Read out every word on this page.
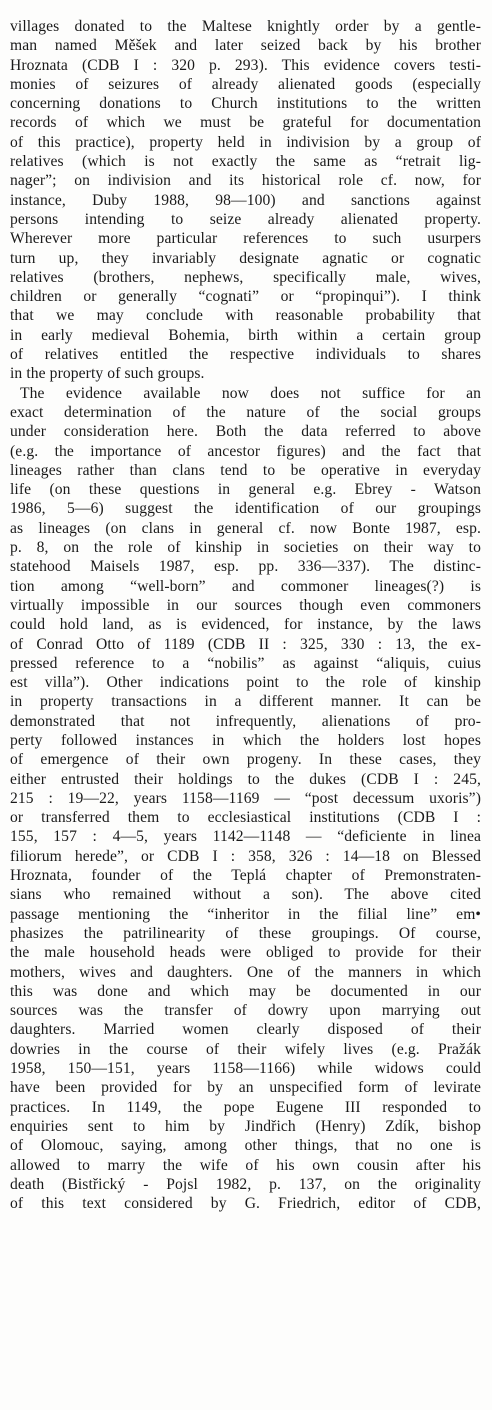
villages donated to the Maltese knightly order by a gentle-
man named Měšek and later seized back by his brother
Hroznata (CDB I : 320 p. 293). This evidence covers testi-
monies of seizures of already alienated goods (especially
concerning donations to Church institutions to the written
records of which we must be grateful for documentation
of this practice), property held in indivision by a group of
relatives (which is not exactly the same as “retrait lig-
nager”; on indivision and its historical role cf. now, for
instance, Duby 1988, 98—100) and sanctions against
persons intending to seize already alienated property.
Wherever more particular references to such usurpers
turn up, they invariably designate agnatic or cognatic
relatives (brothers, nephews, specifically male, wives,
children or generally “cognati” or “propinqui”). I think
that we may conclude with reasonable probability that
in early medieval Bohemia, birth within a certain group
of relatives entitled the respective individuals to shares
in the property of such groups.
The evidence available now does not suffice for an
exact determination of the nature of the social groups
under consideration here. Both the data referred to above
(e.g. the importance of ancestor figures) and the fact that
lineages rather than clans tend to be operative in everyday
life (on these questions in general e.g. Ebrey - Watson
1986, 5—6) suggest the identification of our groupings
as lineages (on clans in general cf. now Bonte 1987, esp.
p. 8, on the role of kinship in societies on their way to
statehood Maisels 1987, esp. pp. 336—337). The distinc-
tion among “well-born” and commoner lineages(?) is
virtually impossible in our sources though even commoners
could hold land, as is evidenced, for instance, by the laws
of Conrad Otto of 1189 (CDB II : 325, 330 : 13, the ex-
pressed reference to a “nobilis” as against “aliquis, cuius
est villa”). Other indications point to the role of kinship
in property transactions in a different manner. It can be
demonstrated that not infrequently, alienations of pro-
perty followed instances in which the holders lost hopes
of emergence of their own progeny. In these cases, they
either entrusted their holdings to the dukes (CDB I : 245,
215 : 19—22, years 1158—1169 — “post decessum uxoris”)
or transferred them to ecclesiastical institutions (CDB I :
155, 157 : 4—5, years 1142—1148 — “deficiente in linea
filiorum herede”, or CDB I : 358, 326 : 14—18 on Blessed
Hroznata, founder of the Teplá chapter of Premonstraten-
sians who remained without a son). The above cited
passage mentioning the “inheritor in the filial line” em•
phasizes the patrilinearity of these groupings. Of course,
the male household heads were obliged to provide for their
mothers, wives and daughters. One of the manners in which
this was done and which may be documented in our
sources was the transfer of dowry upon marrying out
daughters. Married women clearly disposed of their
dowries in the course of their wifely lives (e.g. Pražák
1958, 150—151, years 1158—1166) while widows could
have been provided for by an unspecified form of levirate
practices. In 1149, the pope Eugene III responded to
enquiries sent to him by Jindřich (Henry) Zdík, bishop
of Olomouc, saying, among other things, that no one is
allowed to marry the wife of his own cousin after his
death (Bistřický - Pojsl 1982, p. 137, on the originality
of this text considered by G. Friedrich, editor of CDB,
